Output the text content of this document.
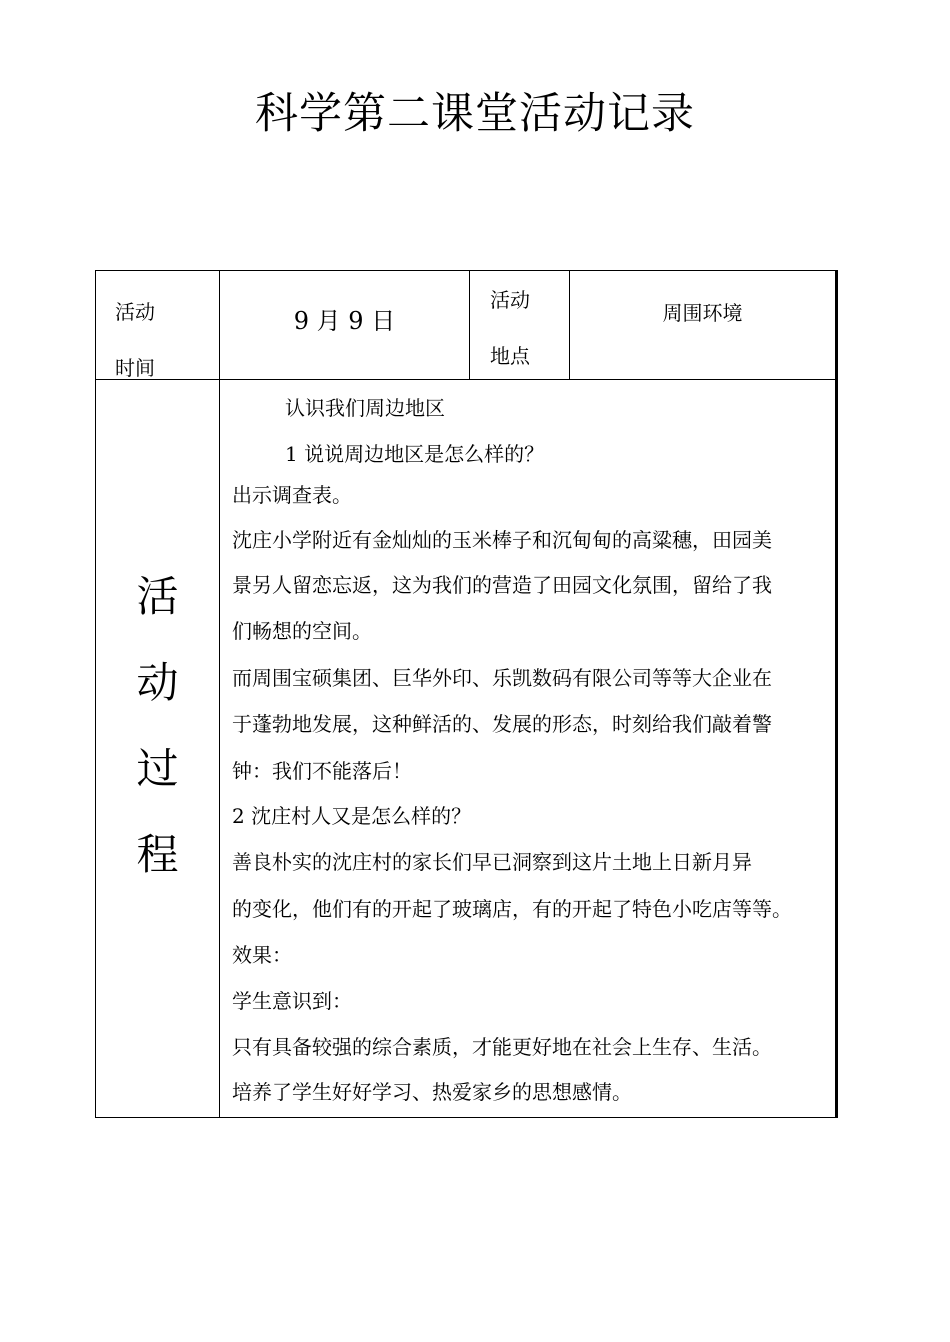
科学第二课堂活动记录
活动
时间
9 月 9 日
活动
地点
周围环境
活
动
过
程
认识我们周边地区
1 说说周边地区是怎么样的？
出示调查表。
沈庄小学附近有金灿灿的玉米棒子和沉甸甸的高粱穗，田园美
景另人留恋忘返，这为我们的营造了田园文化氛围，留给了我
们畅想的空间。
而周围宝硕集团、巨华外印、乐凯数码有限公司等等大企业在
于蓬勃地发展，这种鲜活的、发展的形态，时刻给我们敲着警
钟：我们不能落后！
2 沈庄村人又是怎么样的？
善良朴实的沈庄村的家长们早已洞察到这片土地上日新月异
的变化，他们有的开起了玻璃店，有的开起了特色小吃店等等。
效果：
学生意识到：
只有具备较强的综合素质，才能更好地在社会上生存、生活。
培养了学生好好学习、热爱家乡的思想感情。
